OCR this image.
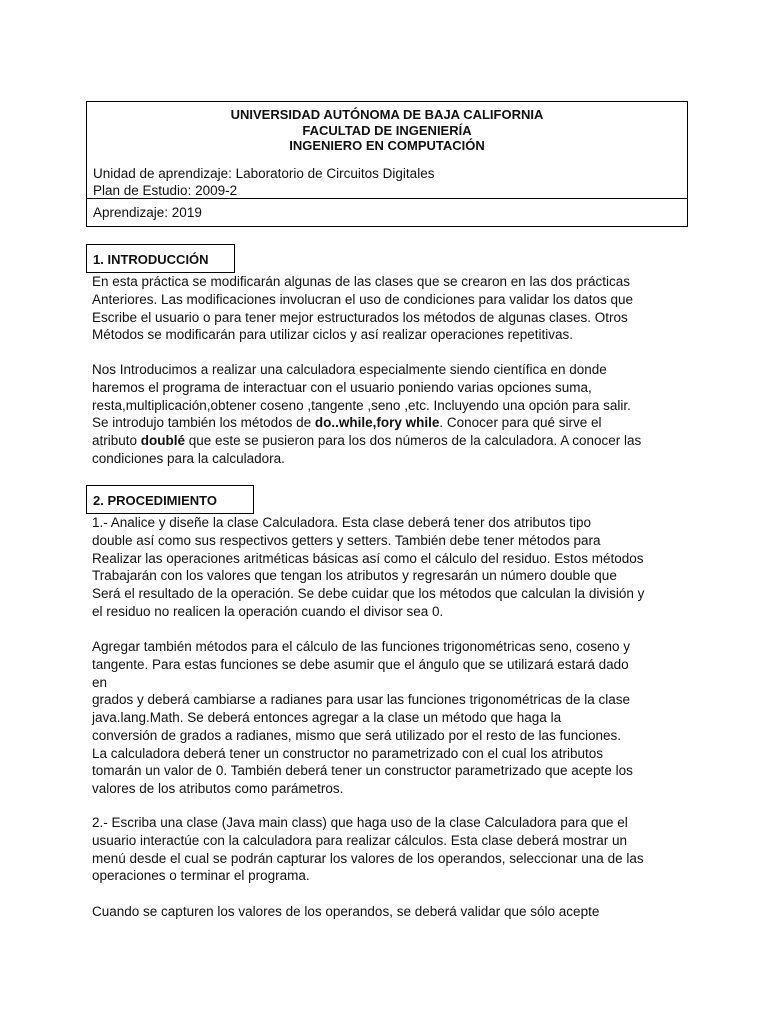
UNIVERSIDAD AUTÓNOMA DE BAJA CALIFORNIA
FACULTAD DE INGENIERÍA
INGENIERO EN COMPUTACIÓN
Unidad de aprendizaje: Laboratorio de Circuitos Digitales
Plan de Estudio: 2009-2
Aprendizaje: 2019
1. INTRODUCCIÓN
En esta práctica se modificarán algunas de las clases que se crearon en las dos prácticas
Anteriores. Las modificaciones involucran el uso de condiciones para validar los datos que
Escribe el usuario o para tener mejor estructurados los métodos de algunas clases. Otros
Métodos se modificarán para utilizar ciclos y así realizar operaciones repetitivas.
Nos Introducimos a realizar una calculadora especialmente siendo científica en donde
haremos el programa de interactuar con el usuario poniendo varias opciones suma,
resta,multiplicación,obtener coseno ,tangente ,seno ,etc. Incluyendo una opción para salir.
Se introdujo también los métodos de do..while,fory while. Conocer para qué sirve el
atributo doublé que este se pusieron para los dos números de la calculadora. A conocer las
condiciones para la calculadora.
2. PROCEDIMIENTO
1.- Analice y diseñe la clase Calculadora. Esta clase deberá tener dos atributos tipo
double así como sus respectivos getters y setters. También debe tener métodos para
Realizar las operaciones aritméticas básicas así como el cálculo del residuo. Estos métodos
Trabajarán con los valores que tengan los atributos y regresarán un número double que
Será el resultado de la operación. Se debe cuidar que los métodos que calculan la división y
el residuo no realicen la operación cuando el divisor sea 0.
Agregar también métodos para el cálculo de las funciones trigonométricas seno, coseno y
tangente. Para estas funciones se debe asumir que el ángulo que se utilizará estará dado
en
grados y deberá cambiarse a radianes para usar las funciones trigonométricas de la clase
java.lang.Math. Se deberá entonces agregar a la clase un método que haga la
conversión de grados a radianes, mismo que será utilizado por el resto de las funciones.
La calculadora deberá tener un constructor no parametrizado con el cual los atributos
tomarán un valor de 0. También deberá tener un constructor parametrizado que acepte los
valores de los atributos como parámetros.
2.- Escriba una clase (Java main class) que haga uso de la clase Calculadora para que el
usuario interactúe con la calculadora para realizar cálculos. Esta clase deberá mostrar un
menú desde el cual se podrán capturar los valores de los operandos, seleccionar una de las
operaciones o terminar el programa.
Cuando se capturen los valores de los operandos, se deberá validar que sólo acepte
